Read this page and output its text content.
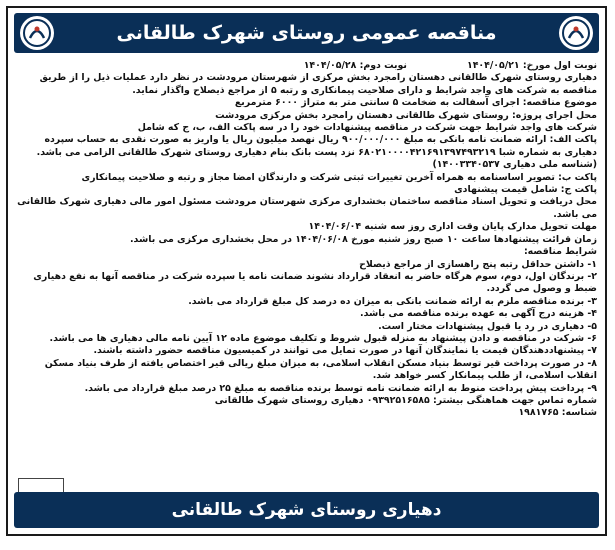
مناقصه عمومی روستای شهرک طالقانی
نوبت اول مورخ: ۱۴۰۴/۰۵/۲۱
نوبت دوم: ۱۴۰۴/۰۵/۲۸

دهیاری روستای شهرک طالقانی دهستان رامجرد بخش مرکزی از شهرستان مرودشت در نظر دارد عملیات ذیل را از طریق مناقصه به شرکت های واجد شرایط و دارای صلاحیت پیمانکاری و رتبه ۵ از مراجع ذیصلاح واگذار نماید.

موضوع مناقصه: اجرای آسفالت به ضخامت ۵ سانتی متر به متراژ ۶۰۰۰ مترمربع

محل اجرای پروژه: روستای شهرک طالقانی دهستان رامجرد بخش مرکزی مرودشت

شرکت های واجد شرایط جهت شرکت در مناقصه پیشنهادات خود را در سه پاکت الف، ب، ج که شامل

پاکت الف: ارائه ضمانت نامه بانکی به مبلغ ۹۰۰/۰۰۰/۰۰۰ ریال نهصد میلیون ریال یا واریز به صورت نقدی به حساب سپرده دهیاری به شماره شبا ۶۸۰۲۱۰۰۰۰۴۲۱۶۹۱۳۹۷۴۹۳۲۱۹ نزد پست بانک بنام دهیاری روستای شهرک طالقانی الزامی می باشد. (شناسه ملی دهیاری ۱۴۰۰۳۳۴۰۵۳۷)

پاکت ب: تصویر اساسنامه به همراه آخرین تغییرات ثبتی شرکت و دارندگان امضا مجاز و رتبه و صلاحیت پیمانکاری

پاکت ج: شامل قیمت پیشنهادی

محل دریافت و تحویل اسناد مناقصه ساختمان بخشداری مرکزی شهرستان مرودشت مسئول امور مالی دهیاری شهرک طالقانی می باشد.

مهلت تحویل مدارک پایان وقت اداری روز سه شنبه ۱۴۰۴/۰۶/۰۴

زمان قرائت پیشنهادها ساعت ۱۰ صبح روز شنبه مورخ ۱۴۰۴/۰۶/۰۸ در محل بخشداری مرکزی می باشد.

شرایط مناقصه:

۱- داشتن حداقل رتبه پنج راهسازی از مراجع ذیصلاح

۲- برندگان اول، دوم، سوم هرگاه حاضر به انعقاد قرارداد نشوند ضمانت نامه یا سپرده شرکت در مناقصه آنها به نفع دهیاری ضبط و وصول می گردد.

۳- برنده مناقصه ملزم به ارائه ضمانت بانکی به میزان ده درصد کل مبلغ قرارداد می باشد.

۴- هزینه درج آگهی به عهده برنده مناقصه می باشد.

۵- دهیاری در رد یا قبول پیشنهادات مختار است.

۶- شرکت در مناقصه و دادن پیشنهاد به منزله قبول شروط و تکلیف موضوع ماده ۱۲ آیین نامه مالی دهیاری ها می باشد.

۷- پیشنهاددهندگان قیمت یا نمایندگان آنها در صورت تمایل می توانند در کمیسیون مناقصه حضور داشته باشند.

۸- در صورت پرداخت قیر توسط بنیاد مسکن انقلاب اسلامی، به میزان مبلغ ریالی قیر اختصاص یافته از طرف بنیاد مسکن انقلاب اسلامی، از طلب پیمانکار کسر خواهد شد.

۹- پرداخت پیش پرداخت منوط به ارائه ضمانت نامه توسط برنده مناقصه به مبلغ ۲۵ درصد مبلغ قرارداد می باشد.

شماره تماس جهت هماهنگی بیشتر: ۰۹۳۹۲۵۱۶۵۸۵ دهیاری روستای شهرک طالقانی

شناسه: ۱۹۸۱۷۶۵

دهیاری روستای شهرک طالقانی
